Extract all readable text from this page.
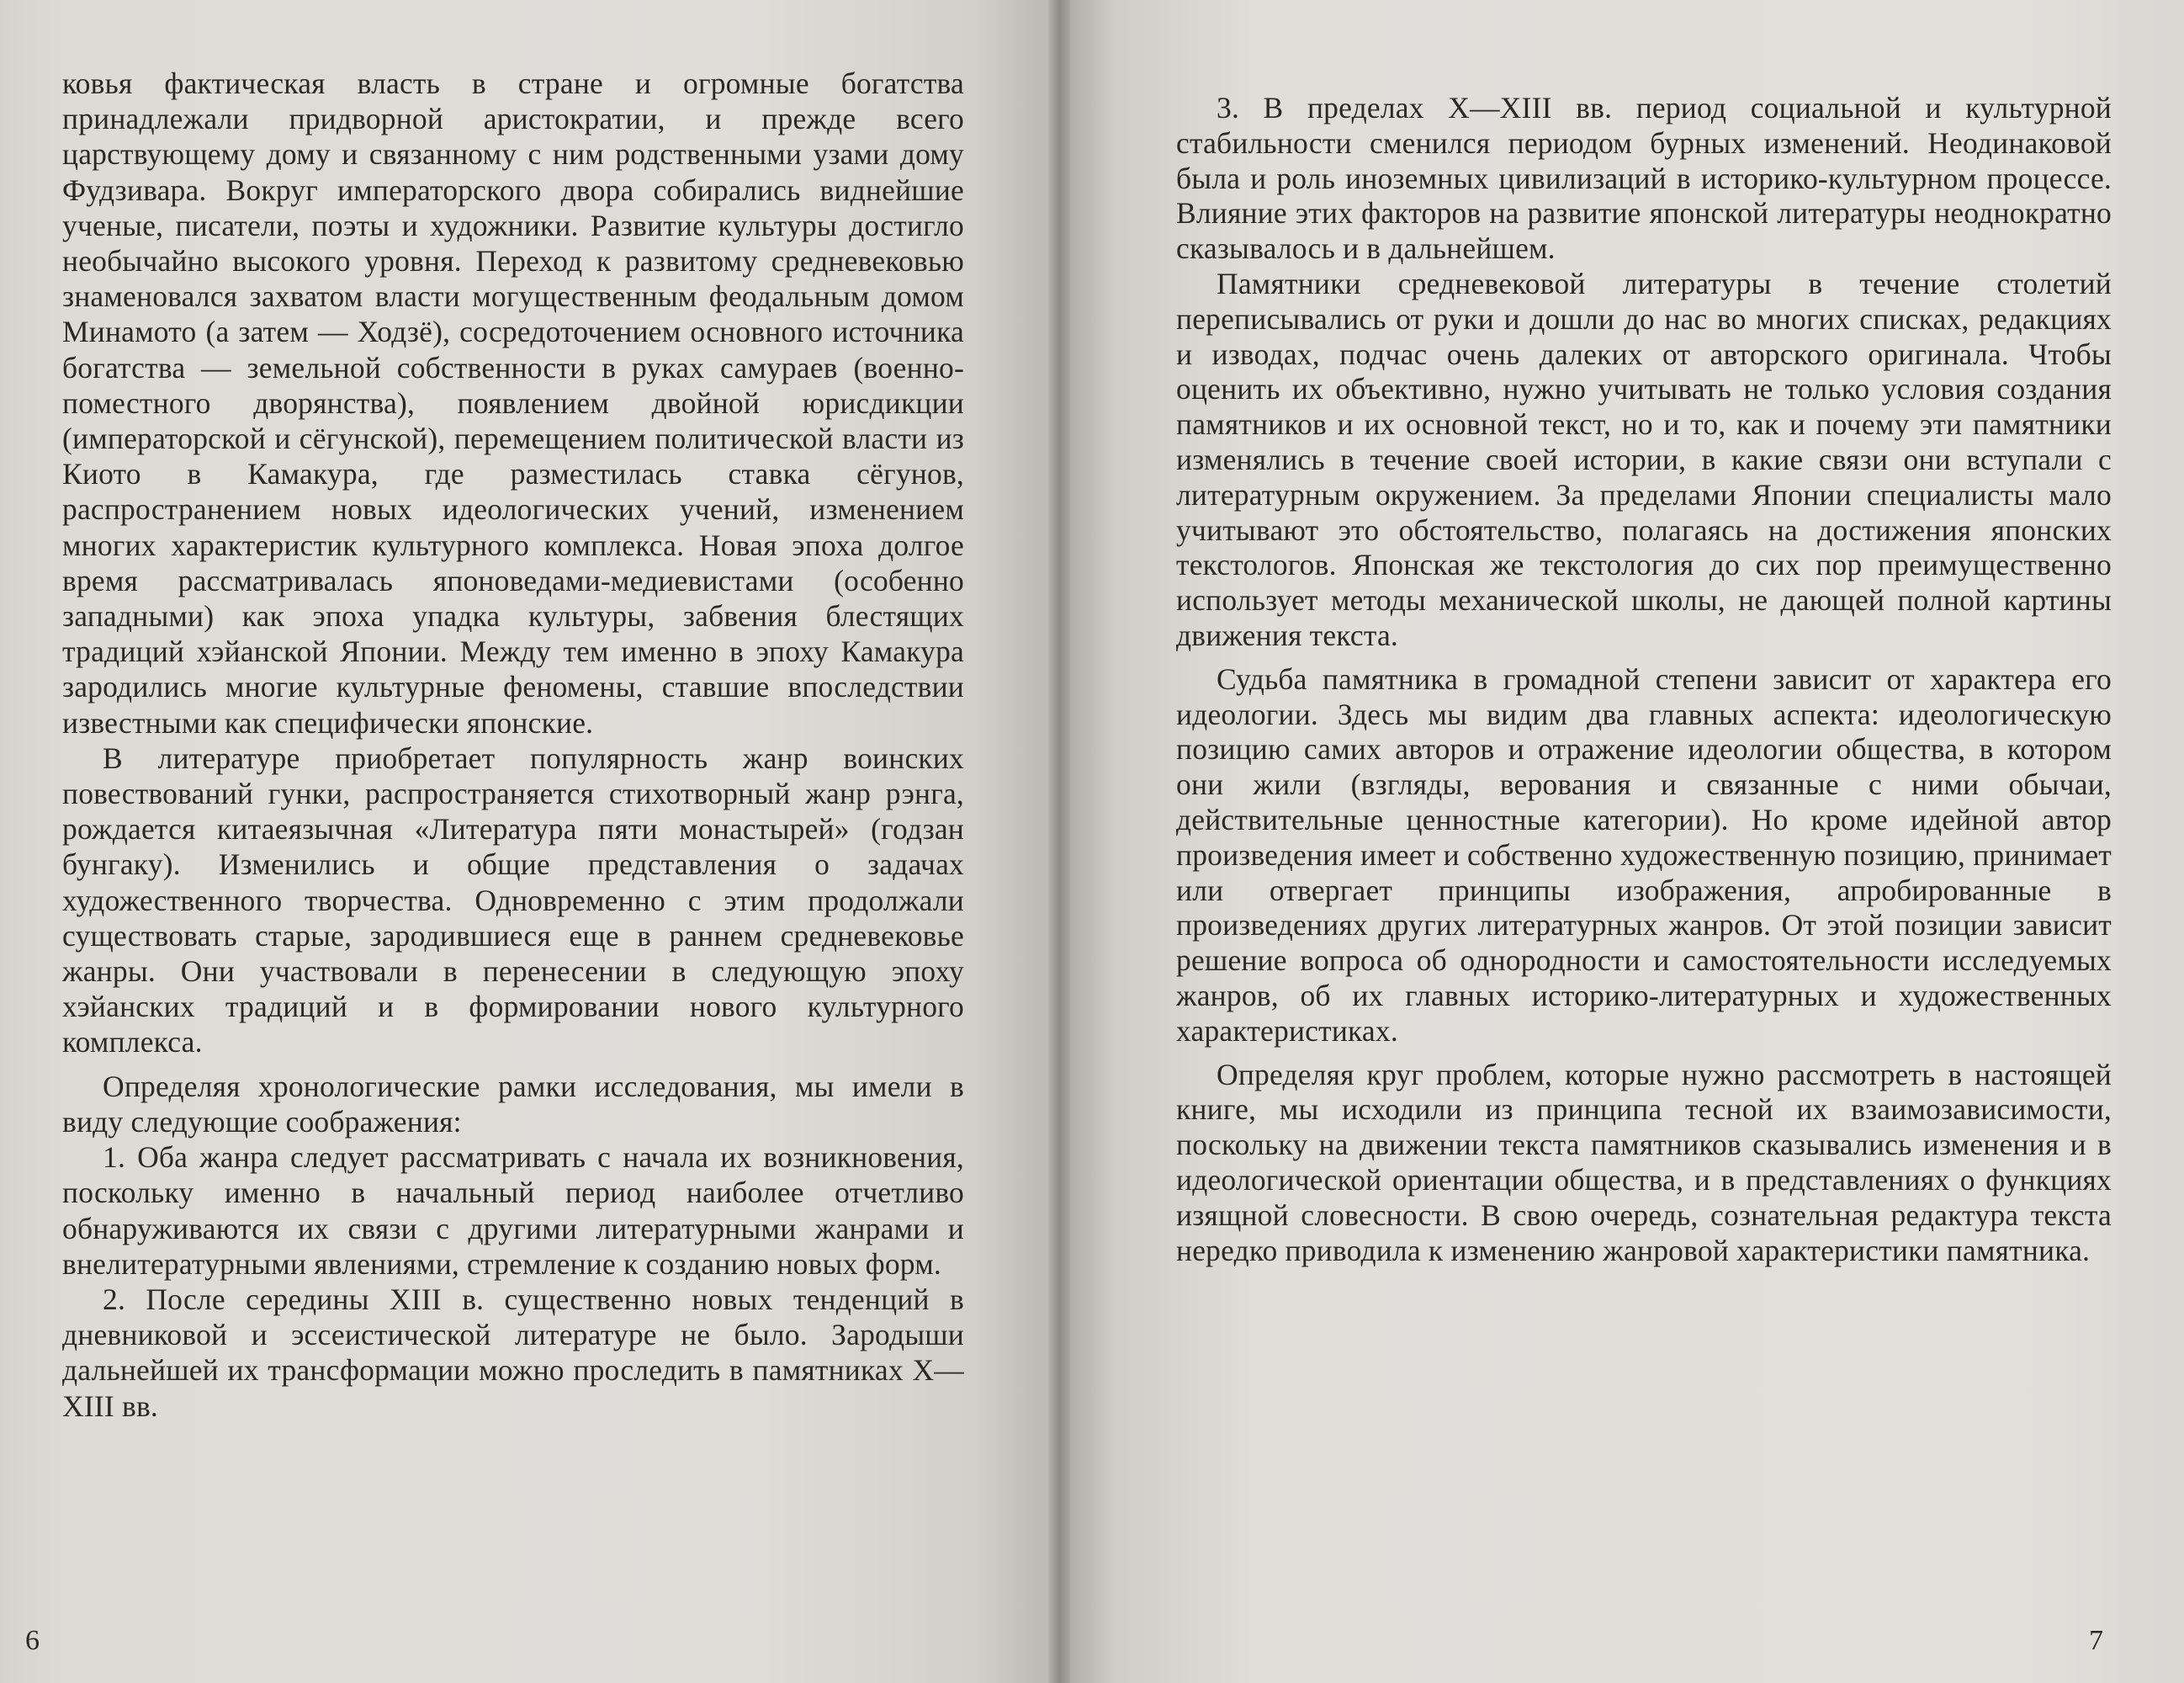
ковья фактическая власть в стране и огромные богатства принадлежали придворной аристократии, и прежде всего царствующему дому и связанному с ним родственными узами дому Фудзивара. Вокруг императорского двора собирались виднейшие ученые, писатели, поэты и художники. Развитие культуры достигло необычайно высокого уровня. Переход к развитому средневековью знаменовался захватом власти могущественным феодальным домом Минамото (а затем — Ходзё), сосредоточением основного источника богатства — земельной собственности в руках самураев (военно-поместного дворянства), появлением двойной юрисдикции (императорской и сёгунской), перемещением политической власти из Киото в Камакура, где разместилась ставка сёгунов, распространением новых идеологических учений, изменением многих характеристик культурного комплекса. Новая эпоха долгое время рассматривалась японоведами-медиевистами (особенно западными) как эпоха упадка культуры, забвения блестящих традиций хэйанской Японии. Между тем именно в эпоху Камакура зародились многие культурные феномены, ставшие впоследствии известными как специфически японские.

В литературе приобретает популярность жанр воинских повествований гунки, распространяется стихотворный жанр рэнга, рождается китаеязычная «Литература пяти монастырей» (годзан бунгаку). Изменились и общие представления о задачах художественного творчества. Одновременно с этим продолжали существовать старые, зародившиеся еще в раннем средневековье жанры. Они участвовали в перенесении в следующую эпоху хэйанских традиций и в формировании нового культурного комплекса.

Определяя хронологические рамки исследования, мы имели в виду следующие соображения:

1. Оба жанра следует рассматривать с начала их возникновения, поскольку именно в начальный период наиболее отчетливо обнаруживаются их связи с другими литературными жанрами и внелитературными явлениями, стремление к созданию новых форм.

2. После середины XIII в. существенно новых тенденций в дневниковой и эссеистической литературе не было. Зародыши дальнейшей их трансформации можно проследить в памятниках X—XIII вв.

6

3. В пределах X—XIII вв. период социальной и культурной стабильности сменился периодом бурных изменений. Неодинаковой была и роль иноземных цивилизаций в историко-культурном процессе. Влияние этих факторов на развитие японской литературы неоднократно сказывалось и в дальнейшем.

Памятники средневековой литературы в течение столетий переписывались от руки и дошли до нас во многих списках, редакциях и изводах, подчас очень далеких от авторского оригинала. Чтобы оценить их объективно, нужно учитывать не только условия создания памятников и их основной текст, но и то, как и почему эти памятники изменялись в течение своей истории, в какие связи они вступали с литературным окружением. За пределами Японии специалисты мало учитывают это обстоятельство, полагаясь на достижения японских текстологов. Японская же текстология до сих пор преимущественно использует методы механической школы, не дающей полной картины движения текста.

Судьба памятника в громадной степени зависит от характера его идеологии. Здесь мы видим два главных аспекта: идеологическую позицию самих авторов и отражение идеологии общества, в котором они жили (взгляды, верования и связанные с ними обычаи, действительные ценностные категории). Но кроме идейной автор произведения имеет и собственно художественную позицию, принимает или отвергает принципы изображения, апробированные в произведениях других литературных жанров. От этой позиции зависит решение вопроса об однородности и самостоятельности исследуемых жанров, об их главных историко-литературных и художественных характеристиках.

Определяя круг проблем, которые нужно рассмотреть в настоящей книге, мы исходили из принципа тесной их взаимозависимости, поскольку на движении текста памятников сказывались изменения и в идеологической ориентации общества, и в представлениях о функциях изящной словесности. В свою очередь, сознательная редактура текста нередко приводила к изменению жанровой характеристики памятника.

7
